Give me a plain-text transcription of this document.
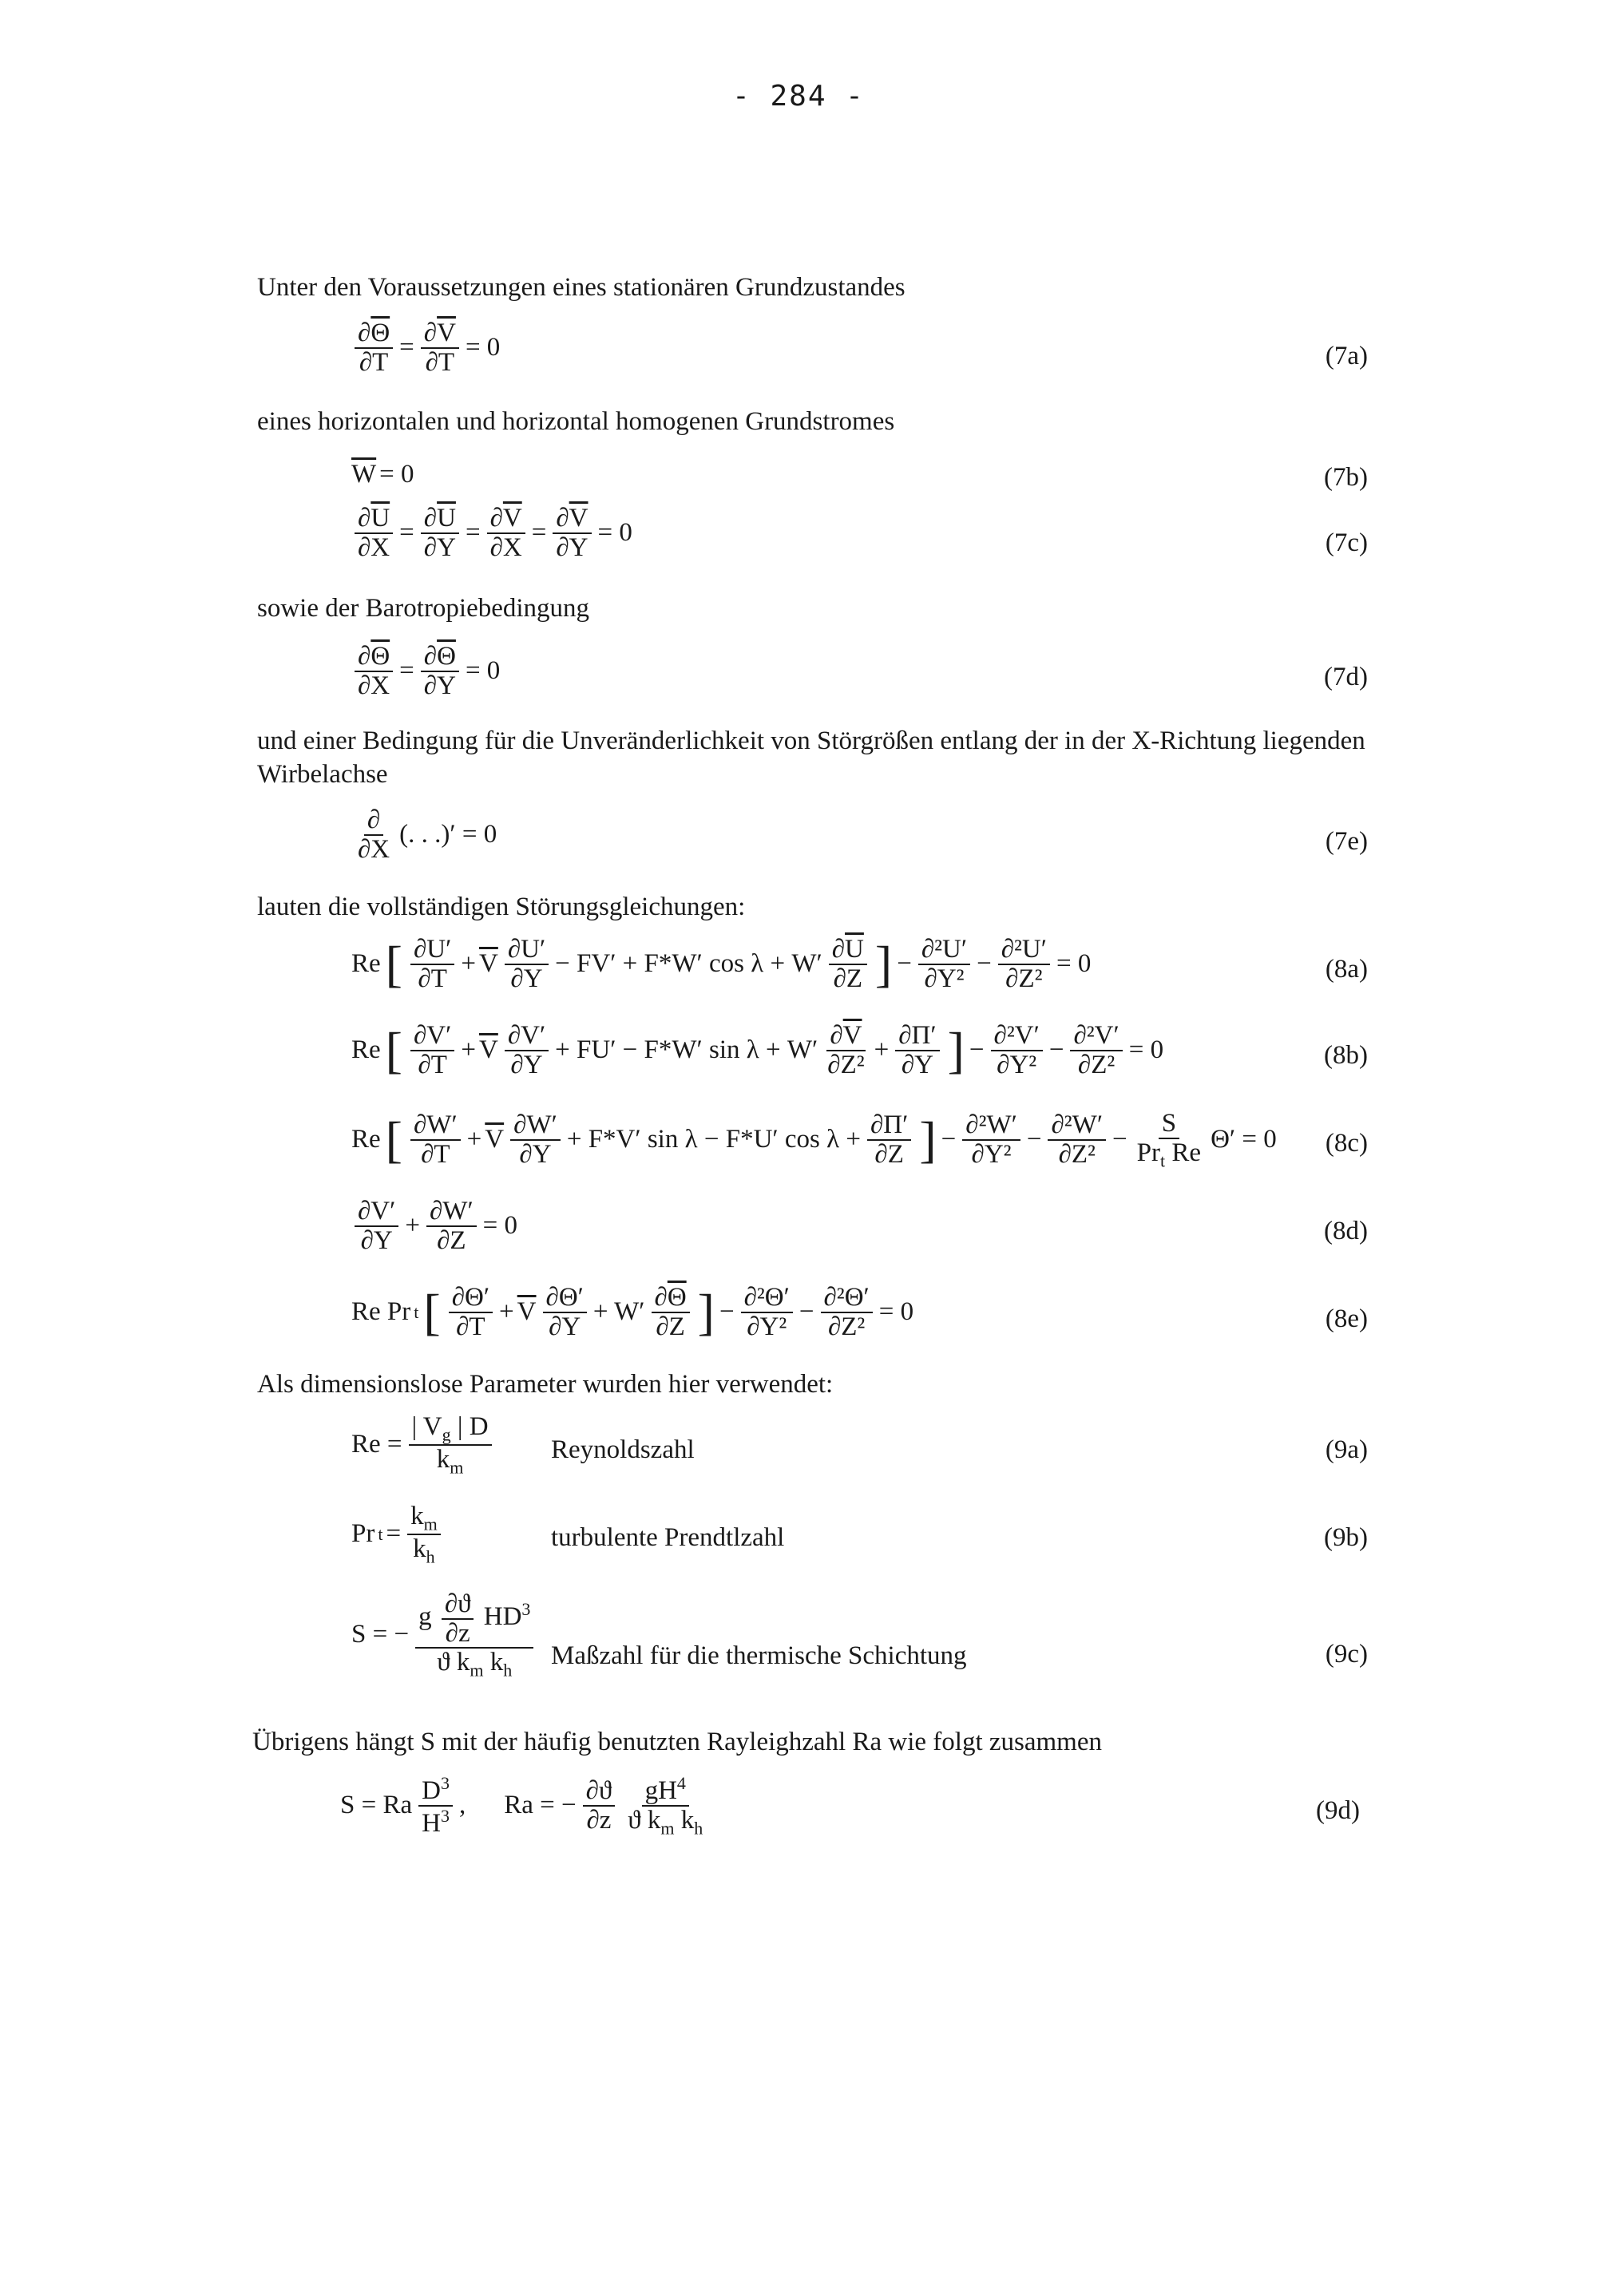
- 284 -
Unter den Voraussetzungen eines stationären Grundzustandes
$\frac{\partial\overline{\Theta}}{\partial T} = \frac{\partial\overline{V}}{\partial T} = 0$	(7a)
eines horizontalen und horizontal homogenen Grundstromes
$\overline{W} = 0$	(7b)
$\frac{\partial\overline{U}}{\partial X} = \frac{\partial\overline{U}}{\partial Y} = \frac{\partial\overline{V}}{\partial X} = \frac{\partial\overline{V}}{\partial Y} = 0$	(7c)
sowie der Barotropiebedingung
$\frac{\partial\overline{\Theta}}{\partial X} = \frac{\partial\overline{\Theta}}{\partial Y} = 0$	(7d)
und einer Bedingung für die Unveränderlichkeit von Störgrößen entlang der in der X-Richtung liegenden
Wirbelachse
$\frac{\partial}{\partial X}$ (. . .)′ = 0	(7e)
lauten die vollständigen Störungsgleichungen:
Re [ $\frac{\partial U'}{\partial T} + \overline{V} \frac{\partial U'}{\partial Y} - FV' + F*W'$ $\cos \lambda + W' \frac{\partial\overline{U}}{\partial Z}$ ] − $\frac{\text{∂²U′}}{\text{∂Y²}} - \frac{\text{∂²U′}}{\text{∂Z²}} = 0$	(8a)
Re [ $\frac{\partial V'}{\partial T} + \overline{V} \frac{\partial V'}{\partial Y} + FU' - F*W'$ $\sin \lambda + W' \frac{\partial\overline{V}}{\text{∂Z²}} + \frac{\partial\Pi'}{\partial Y}$ ] − $\frac{\text{∂²V′}}{\text{∂Y²}} - \frac{\text{∂²V′}}{\text{∂Z²}} = 0$	(8b)
Re [ $\frac{\partial W'}{\partial T} + \overline{V} \frac{\partial W'}{\partial Y} + F*V'$ sin λ − F*U′ $\cos \lambda + \frac{\partial\Pi'}{\partial Z}$ ] − $\frac{\text{∂²W′}}{\text{∂Y²}} - \frac{\text{∂²W′}}{\text{∂Z²}} - \frac{S}{Pr_t Re} \Theta' = 0$ (8c)
$\frac{\partial V'}{\partial Y} + \frac{\partial W'}{\partial Z} = 0$	(8d)
Re Pr t [ $\frac{\partial\Theta'}{\partial T} + \overline{V} \frac{\partial\Theta'}{\partial Y} + W' \frac{\partial\overline{\Theta}}{\partial Z}$ ] − $\frac{\text{∂²Θ′}}{\text{∂Y²}} - \frac{\text{∂²Θ′}}{\text{∂Z²}} = 0$	(8e)
Als dimensionslose Parameter wurden hier verwendet:
$Re = \frac{| V_g | D}{k_m}$ Reynoldszahl	(9a)
Pr $t = \frac{k_m}{k_h}$	turbulente Prendtlzahl	(9b)
S = − $\frac{g \frac{\partial ϑ}{\partial z} HD^3}{ϑ k_m k_h}$ Maßzahl für die thermische Schichtung	(9c)
Übrigens hängt S mit der häufig benutzten Rayleighzahl Ra wie folgt zusammen
S = Ra $\frac{D^3}{H^3}$ ,
Ra = − $\frac{\partial ϑ}{\partial z} \frac{gH^4}{ϑ k_m k_h}$	(9d)
